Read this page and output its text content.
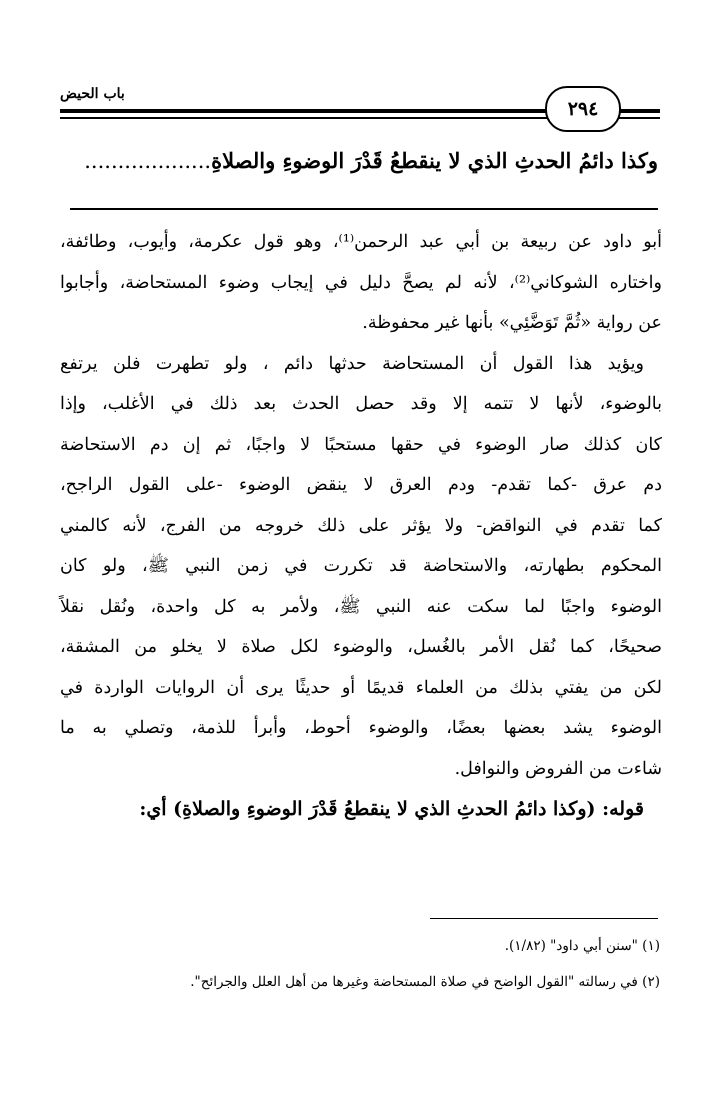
باب الحيض
٢٩٤
وكذا دائمُ الحدثِ الذي لا ينقطعُ قَدْرَ الوضوءِ والصلاةِ...................
أبو داود عن ربيعة بن أبي عبد الرحمن⁽¹⁾، وهو قول عكرمة، وأيوب، وطائفة،
واختاره الشوكاني⁽²⁾، لأنه لم يصحَّ دليل في إيجاب وضوء المستحاضة، وأجابوا
عن رواية «ثُمَّ تَوَضَّئِي» بأنها غير محفوظة.
ويؤيد هذا القول أن المستحاضة حدثها دائم ، ولو تطهرت فلن يرتفع
بالوضوء، لأنها لا تتمه إلا وقد حصل الحدث بعد ذلك في الأغلب، وإذا
كان كذلك صار الوضوء في حقها مستحبًا لا واجبًا، ثم إن دم الاستحاضة
دم عرق -كما تقدم- ودم العرق لا ينقض الوضوء -على القول الراجح،
كما تقدم في النواقض- ولا يؤثر على ذلك خروجه من الفرج، لأنه كالمني
المحكوم بطهارته، والاستحاضة قد تكررت في زمن النبي ﷺ، ولو كان
الوضوء واجبًا لما سكت عنه النبي ﷺ، ولأمر به كل واحدة، ونُقل نقلاً
صحيحًا، كما نُقل الأمر بالغُسل، والوضوء لكل صلاة لا يخلو من المشقة،
لكن من يفتي بذلك من العلماء قديمًا أو حديثًا يرى أن الروايات الواردة في
الوضوء يشد بعضها بعضًا، والوضوء أحوط، وأبرأ للذمة، وتصلي به ما
شاءت من الفروض والنوافل.
قوله: (وكذا دائمُ الحدثِ الذي لا ينقطعُ قَدْرَ الوضوءِ والصلاةِ) أي:
(١) "سنن أبي داود" (١/٨٢).
(٢) في رسالته "القول الواضح في صلاة المستحاضة وغيرها من أهل العلل والجرائح".
